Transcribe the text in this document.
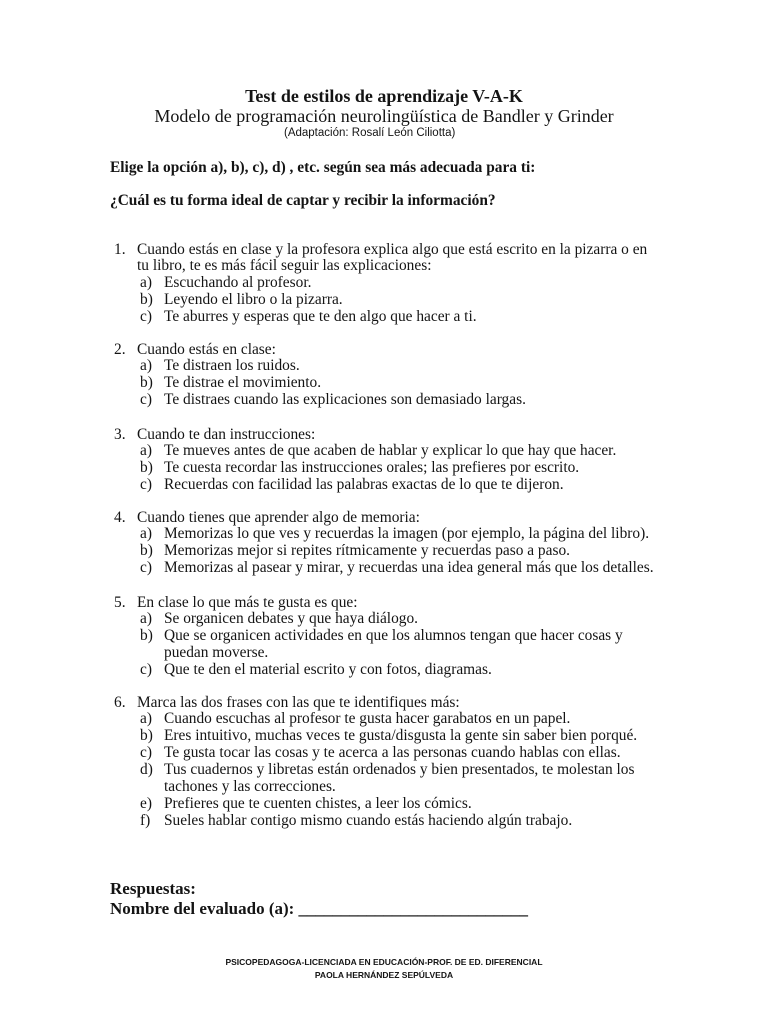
Test de estilos de aprendizaje V-A-K
Modelo de programación neurolingüística de Bandler y Grinder
(Adaptación: Rosalí León Ciliotta)
Elige la opción a), b), c), d) , etc. según sea más adecuada para ti:
¿Cuál es tu forma ideal de captar y recibir la información?
1. Cuando estás en clase y la profesora explica algo que está escrito en la pizarra o en
tu libro, te es más fácil seguir las explicaciones:
a) Escuchando al profesor.
b) Leyendo el libro o la pizarra.
c) Te aburres y esperas que te den algo que hacer a ti.
2. Cuando estás en clase:
a) Te distraen los ruidos.
b) Te distrae el movimiento.
c) Te distraes cuando las explicaciones son demasiado largas.
3. Cuando te dan instrucciones:
a) Te mueves antes de que acaben de hablar y explicar lo que hay que hacer.
b) Te cuesta recordar las instrucciones orales; las prefieres por escrito.
c) Recuerdas con facilidad las palabras exactas de lo que te dijeron.
4. Cuando tienes que aprender algo de memoria:
a) Memorizas lo que ves y recuerdas la imagen (por ejemplo, la página del libro).
b) Memorizas mejor si repites rítmicamente y recuerdas paso a paso.
c) Memorizas al pasear y mirar, y recuerdas una idea general más que los detalles.
5. En clase lo que más te gusta es que:
a) Se organicen debates y que haya diálogo.
b) Que se organicen actividades en que los alumnos tengan que hacer cosas y
puedan moverse.
c) Que te den el material escrito y con fotos, diagramas.
6. Marca las dos frases con las que te identifiques más:
a) Cuando escuchas al profesor te gusta hacer garabatos en un papel.
b) Eres intuitivo, muchas veces te gusta/disgusta la gente sin saber bien porqué.
c) Te gusta tocar las cosas y te acerca a las personas cuando hablas con ellas.
d) Tus cuadernos y libretas están ordenados y bien presentados, te molestan los
tachones y las correcciones.
e) Prefieres que te cuenten chistes, a leer los cómics.
f) Sueles hablar contigo mismo cuando estás haciendo algún trabajo.
Respuestas:
Nombre del evaluado (a): ___________________________
PSICOPEDAGOGA-LICENCIADA EN EDUCACIÓN-PROF. DE ED. DIFERENCIAL
PAOLA HERNÁNDEZ SEPÚLVEDA
